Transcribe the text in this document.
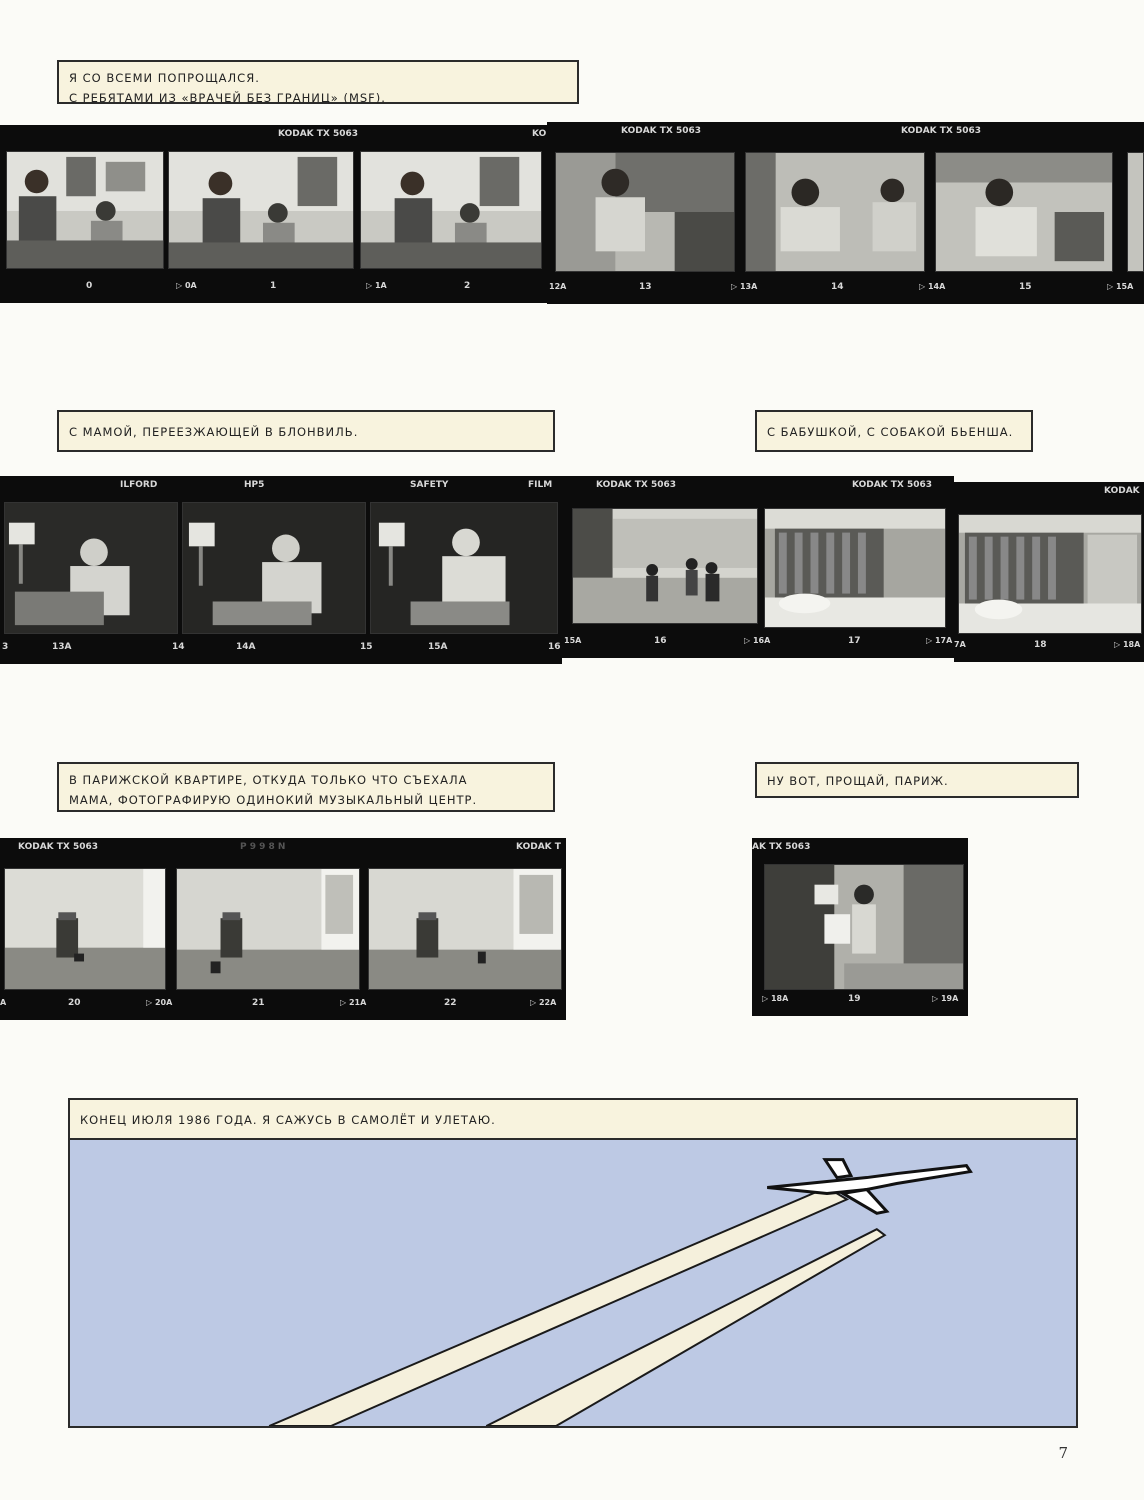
Я СО ВСЕМИ ПОПРОЩАЛСЯ.
С РЕБЯТАМИ ИЗ «ВРАЧЕЙ БЕЗ ГРАНИЦ» (MSF).
С МАМОЙ, ПЕРЕЕЗЖАЮЩЕЙ В БЛОНВИЛЬ.	С БАБУШКОЙ, С СОБАКОЙ БЬЕНША.
В ПАРИЖСКОЙ КВАРТИРЕ, ОТКУДА ТОЛЬКО ЧТО СЪЕХАЛА
МАМА, ФОТОГРАФИРУЮ ОДИНОКИЙ МУЗЫКАЛЬНЫЙ ЦЕНТР.
НУ ВОТ, ПРОЩАЙ, ПАРИЖ.
КОНЕЦ ИЮЛЯ 1986 ГОДА. Я САЖУСЬ В САМОЛЁТ И УЛЕТАЮ.
KODAK TX 5063	KO
0	▷ 0A	1	▷ 1A	2
KODAK TX 5063	KODAK TX 5063
12A	13	▷ 13A	14	▷ 14A	15	▷ 15A
ILFORD	HP5	SAFETY	FILM
3	13A	14	14A	15	15A	16
KODAK TX 5063	KODAK TX 5063
15A	16	▷ 16A	17	▷ 17A
KODAK
7A	18	▷ 18A
KODAK TX 5063	P 9 9 8 N	KODAK T
A	20	▷ 20A	21	▷ 21A	22	▷ 22A
AK TX 5063
▷ 18A	19	▷ 19A
7
